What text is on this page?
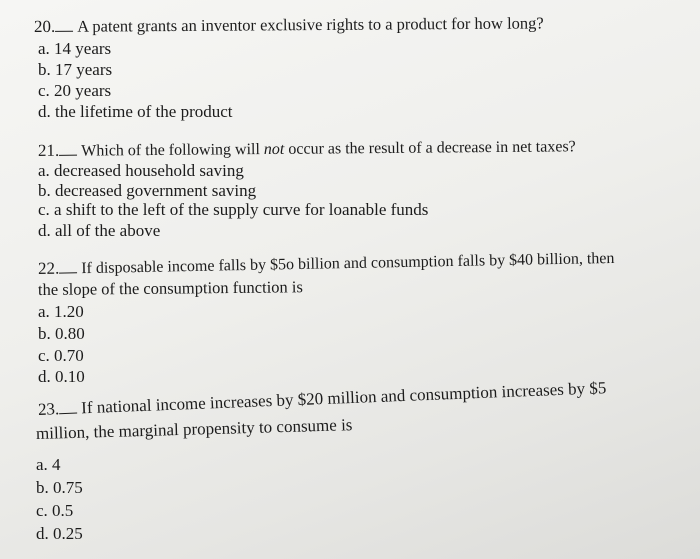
20. A patent grants an inventor exclusive rights to a product for how long?
a. 14 years
b. 17 years
c. 20 years
d. the lifetime of the product
21. Which of the following will not occur as the result of a decrease in net taxes?
a. decreased household saving
b. decreased government saving
c. a shift to the left of the supply curve for loanable funds
d. all of the above
22. If disposable income falls by $5o billion and consumption falls by $40 billion, then
the slope of the consumption function is
a. 1.20
b. 0.80
c. 0.70
d. 0.10
23. If national income increases by $20 million and consumption increases by $5
million, the marginal propensity to consume is
a. 4
b. 0.75
c. 0.5
d. 0.25
